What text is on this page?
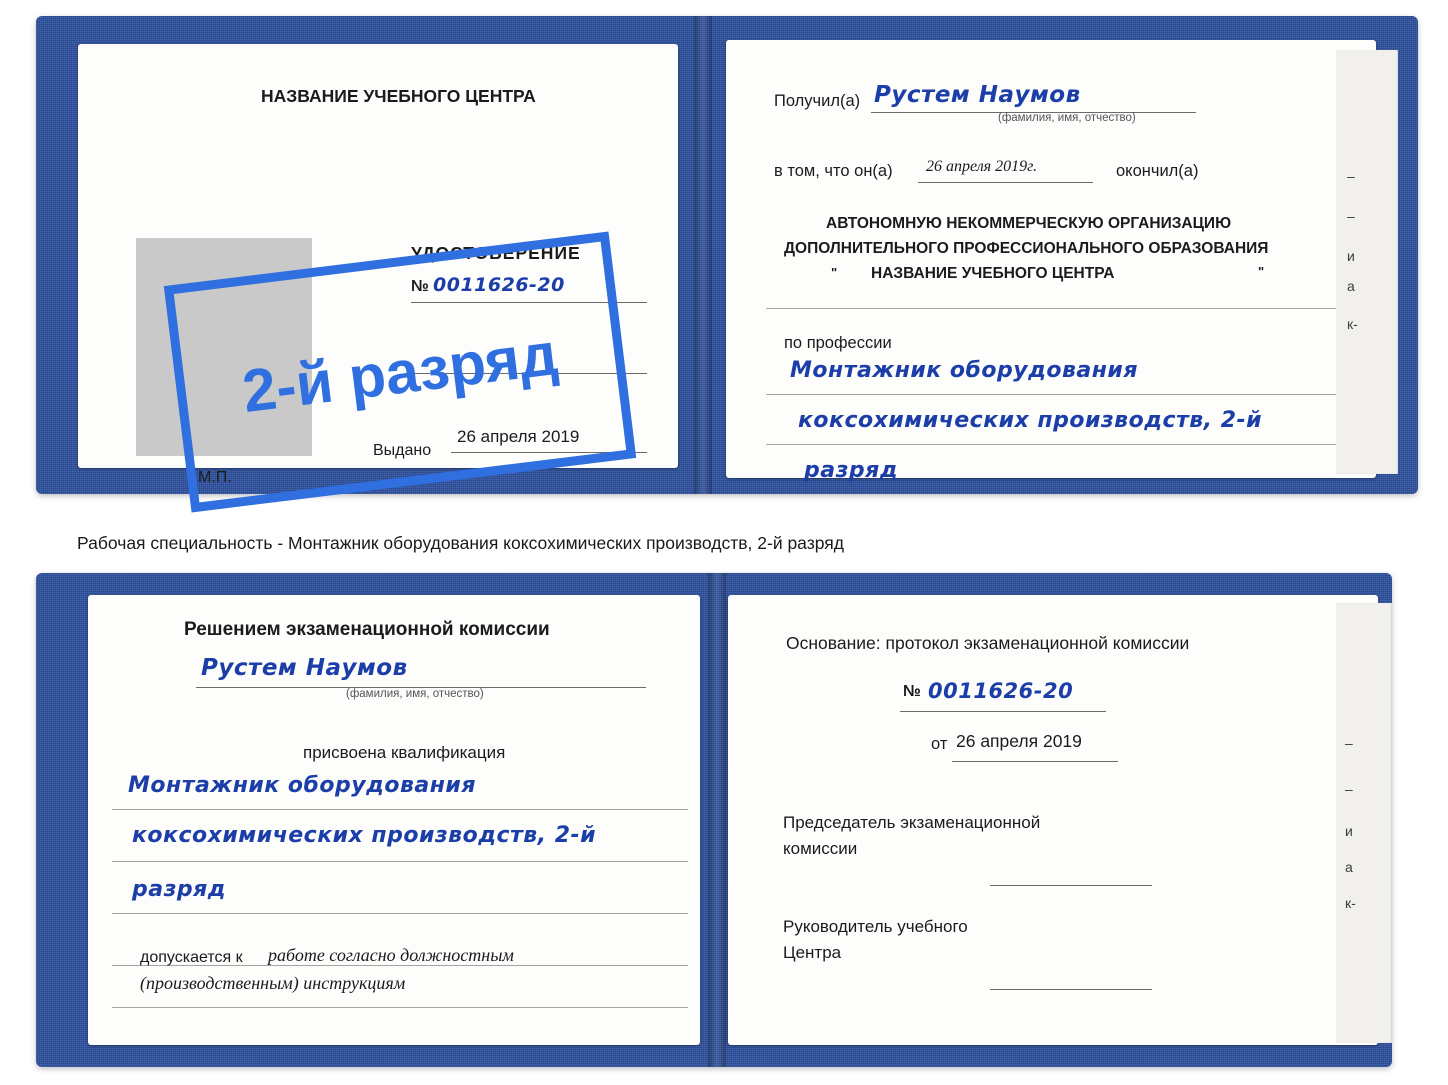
НАЗВАНИЕ УЧЕБНОГО ЦЕНТРА
УДОСТОВЕРЕНИЕ
№ 0011626-20
Выдано
26 апреля 2019
М.П.
Получил(а) Рустем Наумов
(фамилия, имя, отчество)
в том, что он(а) 26 апреля 2019г.	окончил(а)
АВТОНОМНУЮ НЕКОММЕРЧЕСКУЮ ОРГАНИЗАЦИЮ
ДОПОЛНИТЕЛЬНОГО ПРОФЕССИОНАЛЬНОГО ОБРАЗОВАНИЯ
" НАЗВАНИЕ УЧЕБНОГО ЦЕНТРА	"
по профессии
Монтажник оборудования
коксохимических производств, 2-й
разряд
–
–
и
а
к-
2-й разряд
Рабочая специальность - Монтажник оборудования коксохимических производств, 2-й разряд
Решением экзаменационной комиссии
Рустем Наумов
(фамилия, имя, отчество)
присвоена квалификация
Монтажник оборудования
коксохимических производств, 2-й
разряд
допускается к работе согласно должностным
(производственным) инструкциям
Основание: протокол экзаменационной комиссии
№ 0011626-20
от 26 апреля 2019
Председатель экзаменационной
комиссии
Руководитель учебного
Центра
–
–
и
а
к-
